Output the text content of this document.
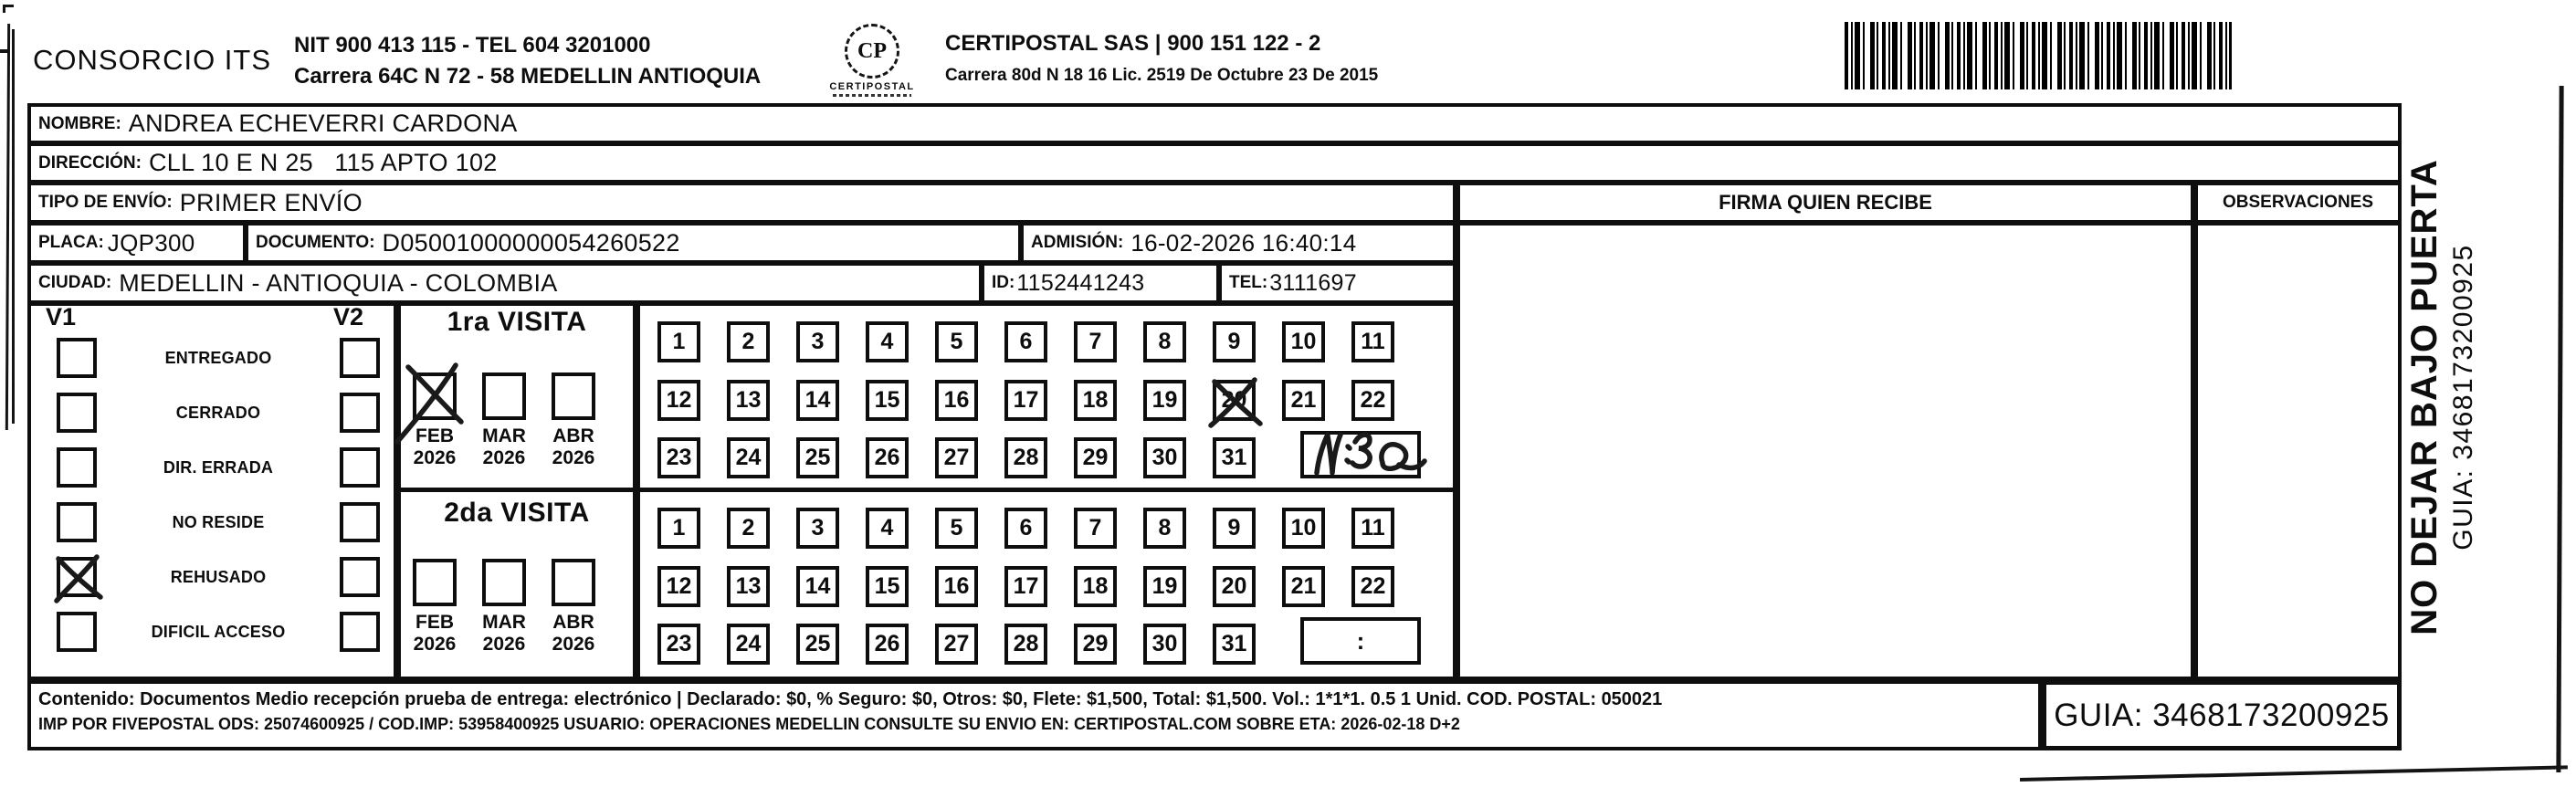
CONSORCIO ITS NIT 900 413 115 - TEL 604 3201000
Carrera 64C N 72 - 58 MEDELLIN ANTIOQUIA
CP
CERTIPOSTAL
CERTIPOSTAL SAS | 900 151 122 - 2
Carrera 80d N 18 16 Lic. 2519 De Octubre 23 De 2015
NOMBRE: ANDREA ECHEVERRI CARDONA
DIRECCIÓN: CLL 10 E N 25   115 APTO 102
TIPO DE ENVÍO: PRIMER ENVÍO	FIRMA QUIEN RECIBE	OBSERVACIONES
PLACA: JQP300	DOCUMENTO: D05001000000054260522	ADMISIÓN: 16-02-2026 16:40:14
CIUDAD: MEDELLIN - ANTIOQUIA - COLOMBIA	ID: 1152441243	TEL: 3111697
V1	V2
ENTREGADO
CERRADO
DIR. ERRADA
NO RESIDE
REHUSADO
DIFICIL ACCESO
1ra VISITA
FEB
2026
MAR
2026
ABR
2026
1	2	3	4	5	6	7	8	9	10	11
12	13	14	15	16	17	18	19	20	21	22
23	24	25	26	27	28	29	30	31
2da VISITA
FEB
2026
MAR
2026
ABR
2026
1	2	3	4	5	6	7	8	9	10	11
12	13	14	15	16	17	18	19	20	21	22
23	24	25	26	27	28	29	30	31	:
Contenido: Documentos Medio recepción prueba de entrega: electrónico | Declarado: $0, % Seguro: $0, Otros: $0, Flete: $1,500, Total: $1,500. Vol.: 1*1*1. 0.5 1 Unid. COD. POSTAL: 050021
IMP POR FIVEPOSTAL ODS: 25074600925 / COD.IMP: 53958400925 USUARIO: OPERACIONES MEDELLIN CONSULTE SU ENVIO EN: CERTIPOSTAL.COM SOBRE ETA: 2026-02-18 D+2	GUIA: 3468173200925
NO DEJAR BAJO PUERTA GUIA: 3468173200925
